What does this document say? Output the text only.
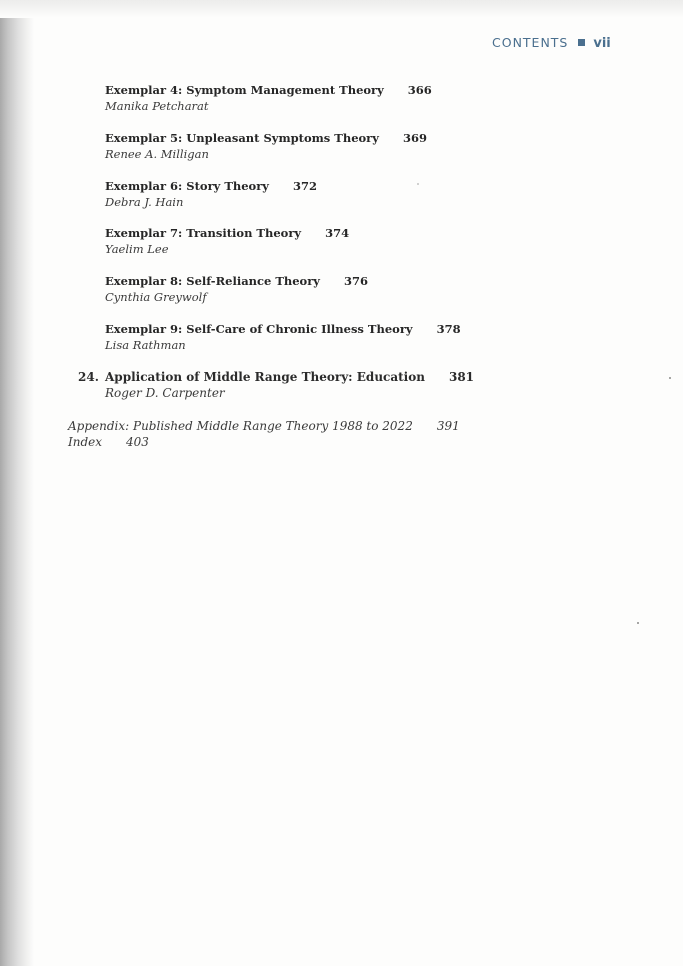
CONTENTS vii
Exemplar 4: Symptom Management Theory 366
Manika Petcharat
Exemplar 5: Unpleasant Symptoms Theory 369
Renee A. Milligan
Exemplar 6: Story Theory 372
Debra J. Hain
Exemplar 7: Transition Theory 374
Yaelim Lee
Exemplar 8: Self-Reliance Theory 376
Cynthia Greywolf
Exemplar 9: Self-Care of Chronic Illness Theory 378
Lisa Rathman
24. Application of Middle Range Theory: Education 381
Roger D. Carpenter
Appendix: Published Middle Range Theory 1988 to 2022 391
Index 403
